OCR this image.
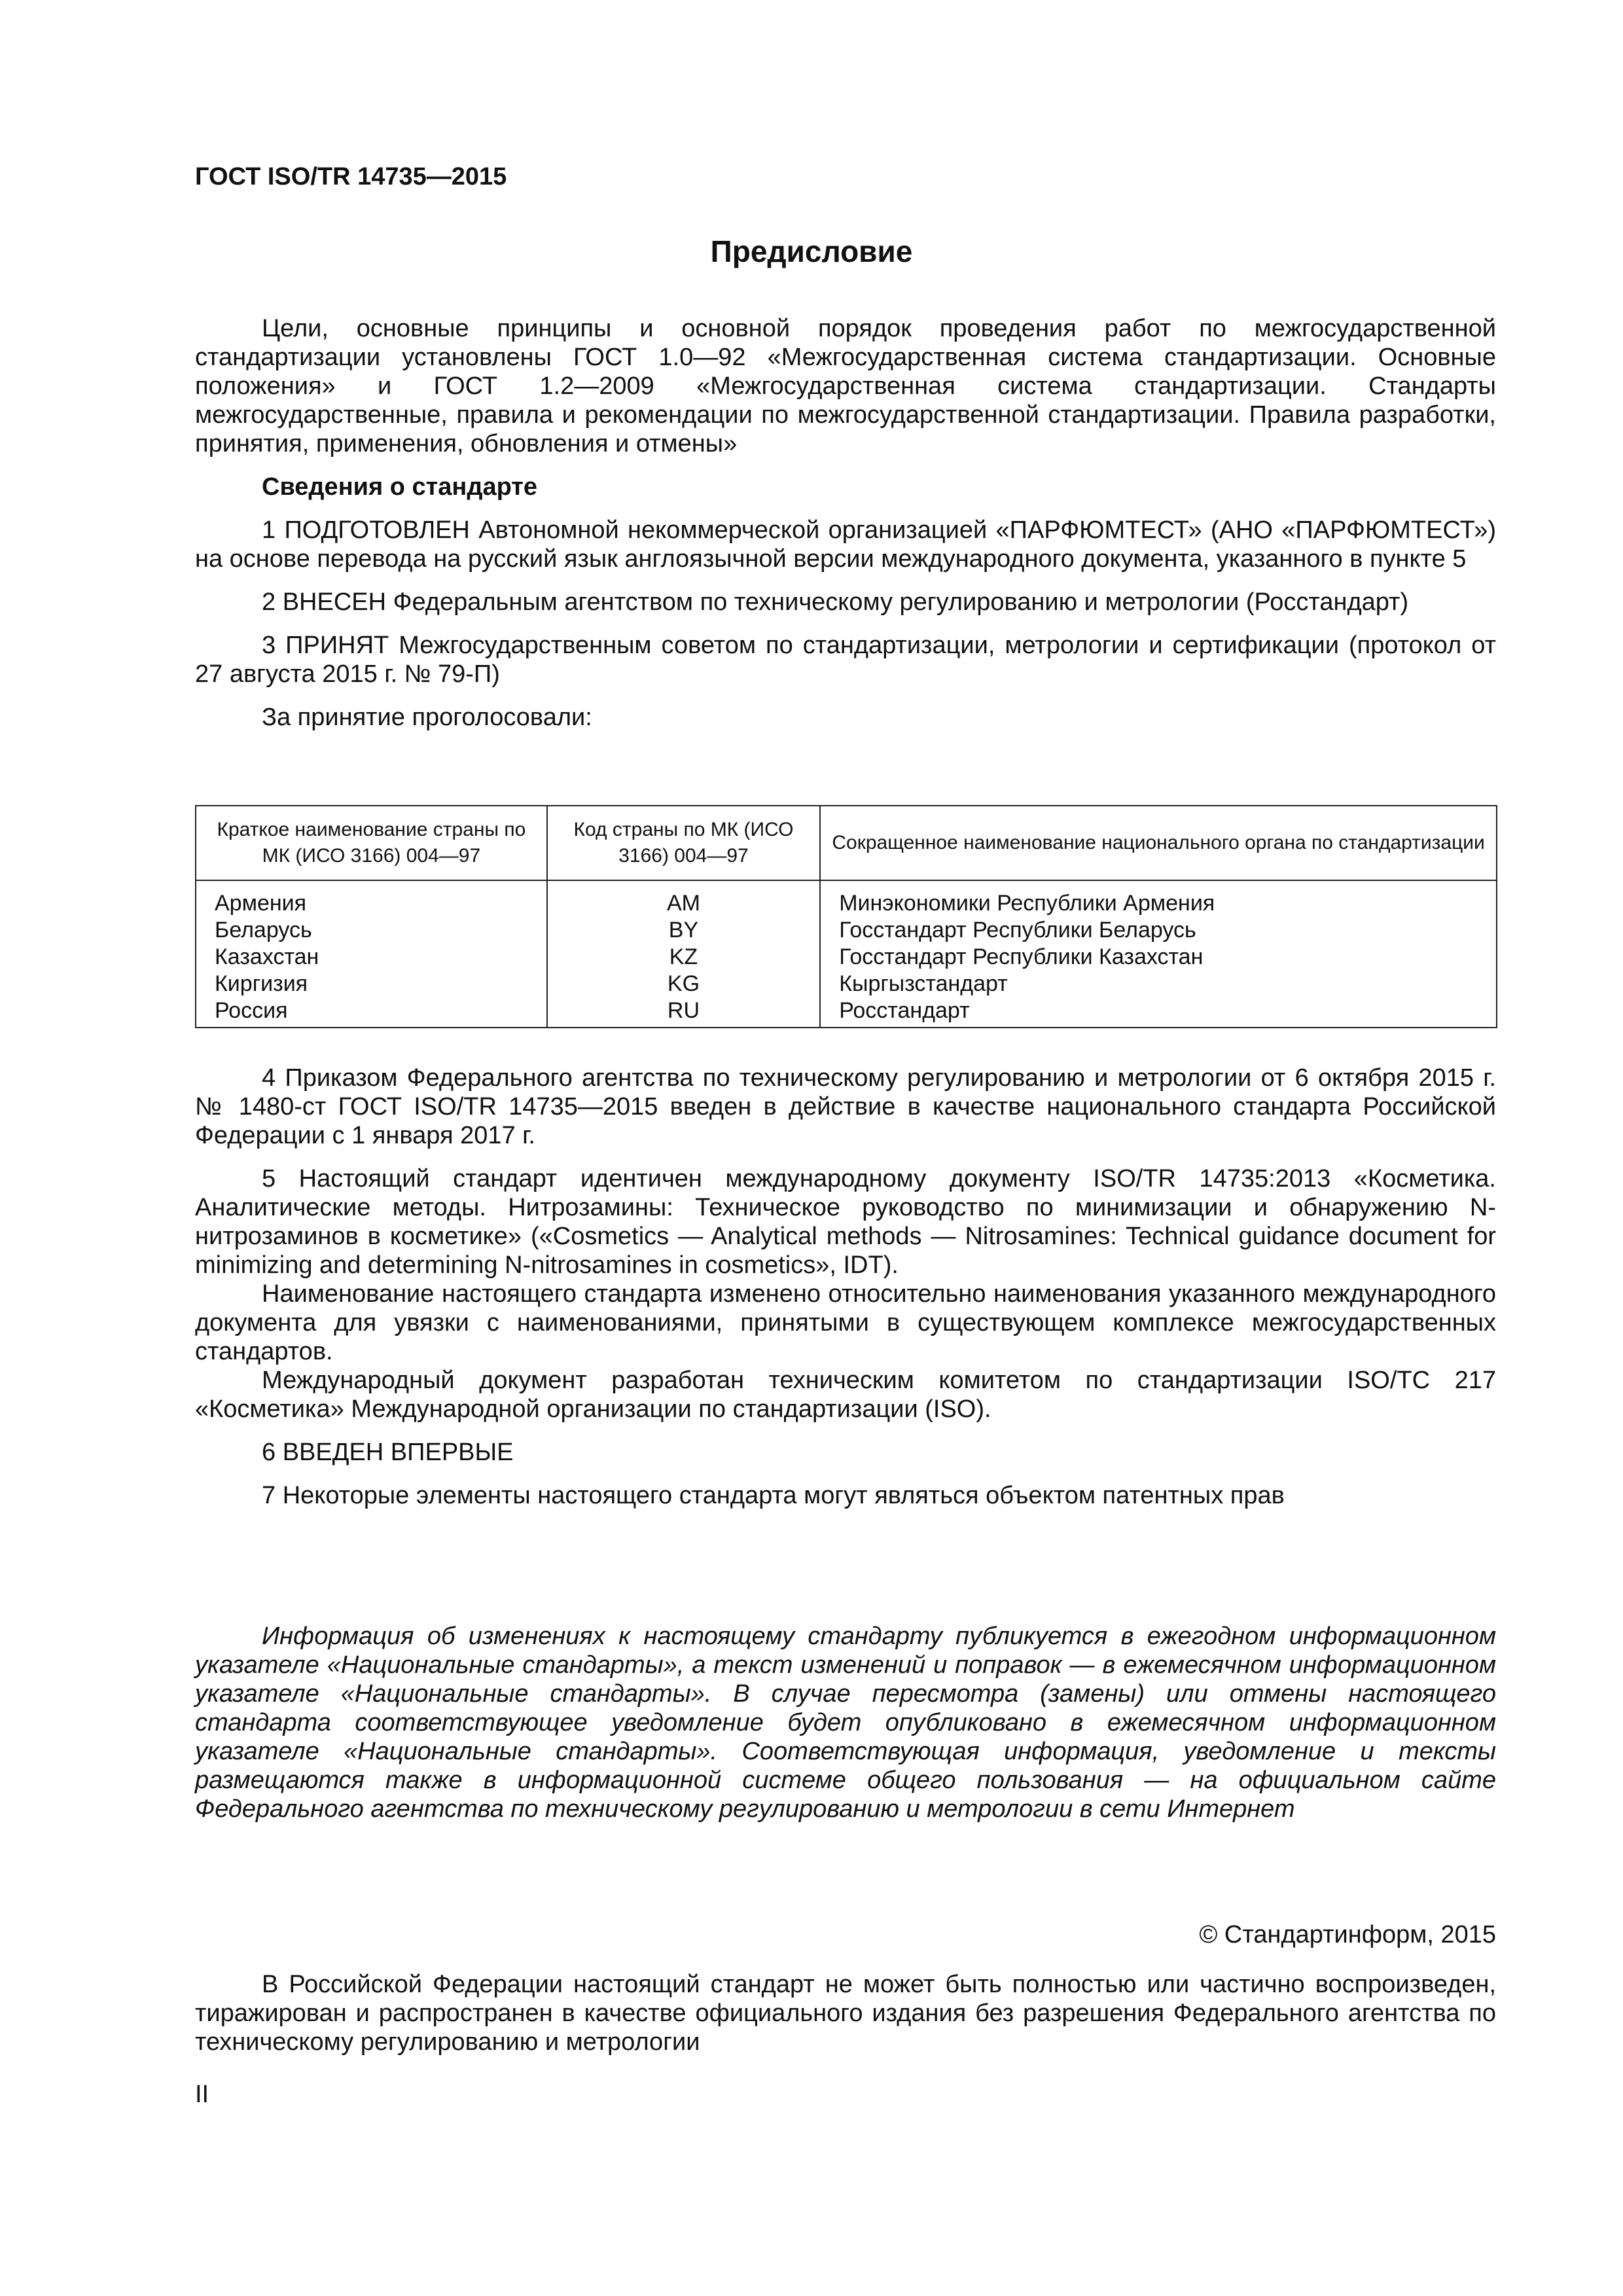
ГОСТ ISO/TR 14735—2015
Предисловие

Цели, основные принципы и основной порядок проведения работ по межгосударственной стандартизации установлены ГОСТ 1.0—92 «Межгосударственная система стандартизации. Основные положения» и ГОСТ 1.2—2009 «Межгосударственная система стандартизации. Стандарты межгосударственные, правила и рекомендации по межгосударственной стандартизации. Правила разработки, принятия, применения, обновления и отмены»

Сведения о стандарте

1 ПОДГОТОВЛЕН Автономной некоммерческой организацией «ПАРФЮМТЕСТ» (АНО «ПАРФЮМТЕСТ») на основе перевода на русский язык англоязычной версии международного документа, указанного в пункте 5

2 ВНЕСЕН Федеральным агентством по техническому регулированию и метрологии (Росстандарт)

3 ПРИНЯТ Межгосударственным советом по стандартизации, метрологии и сертификации (протокол от 27 августа 2015 г. № 79-П)

За принятие проголосовали:

Краткое наименование страны по МК (ИСО 3166) 004—97	Код страны по МК (ИСО 3166) 004—97	Сокращенное наименование национального органа по стандартизации
Армения	AM	Минэкономики Республики Армения
Беларусь	BY	Госстандарт Республики Беларусь
Казахстан	KZ	Госстандарт Республики Казахстан
Киргизия	KG	Кыргызстандарт
Россия	RU	Росстандарт

4 Приказом Федерального агентства по техническому регулированию и метрологии от 6 октября 2015 г. № 1480-ст ГОСТ ISO/TR 14735—2015 введен в действие в качестве национального стандарта Российской Федерации с 1 января 2017 г.

5 Настоящий стандарт идентичен международному документу ISO/TR 14735:2013 «Косметика. Аналитические методы. Нитрозамины: Техническое руководство по минимизации и обнаружению N-нитрозаминов в косметике» («Cosmetics — Analytical methods — Nitrosamines: Technical guidance document for minimizing and determining N-nitrosamines in cosmetics», IDT).

Наименование настоящего стандарта изменено относительно наименования указанного международного документа для увязки с наименованиями, принятыми в существующем комплексе межгосударственных стандартов.

Международный документ разработан техническим комитетом по стандартизации ISO/TC 217 «Косметика» Международной организации по стандартизации (ISO).

6 ВВЕДЕН ВПЕРВЫЕ

7 Некоторые элементы настоящего стандарта могут являться объектом патентных прав

Информация об изменениях к настоящему стандарту публикуется в ежегодном информационном указателе «Национальные стандарты», а текст изменений и поправок — в ежемесячном информационном указателе «Национальные стандарты». В случае пересмотра (замены) или отмены настоящего стандарта соответствующее уведомление будет опубликовано в ежемесячном информационном указателе «Национальные стандарты». Соответствующая информация, уведомление и тексты размещаются также в информационной системе общего пользования — на официальном сайте Федерального агентства по техническому регулированию и метрологии в сети Интернет

© Стандартинформ, 2015

В Российской Федерации настоящий стандарт не может быть полностью или частично воспроизведен, тиражирован и распространен в качестве официального издания без разрешения Федерального агентства по техническому регулированию и метрологии

II
